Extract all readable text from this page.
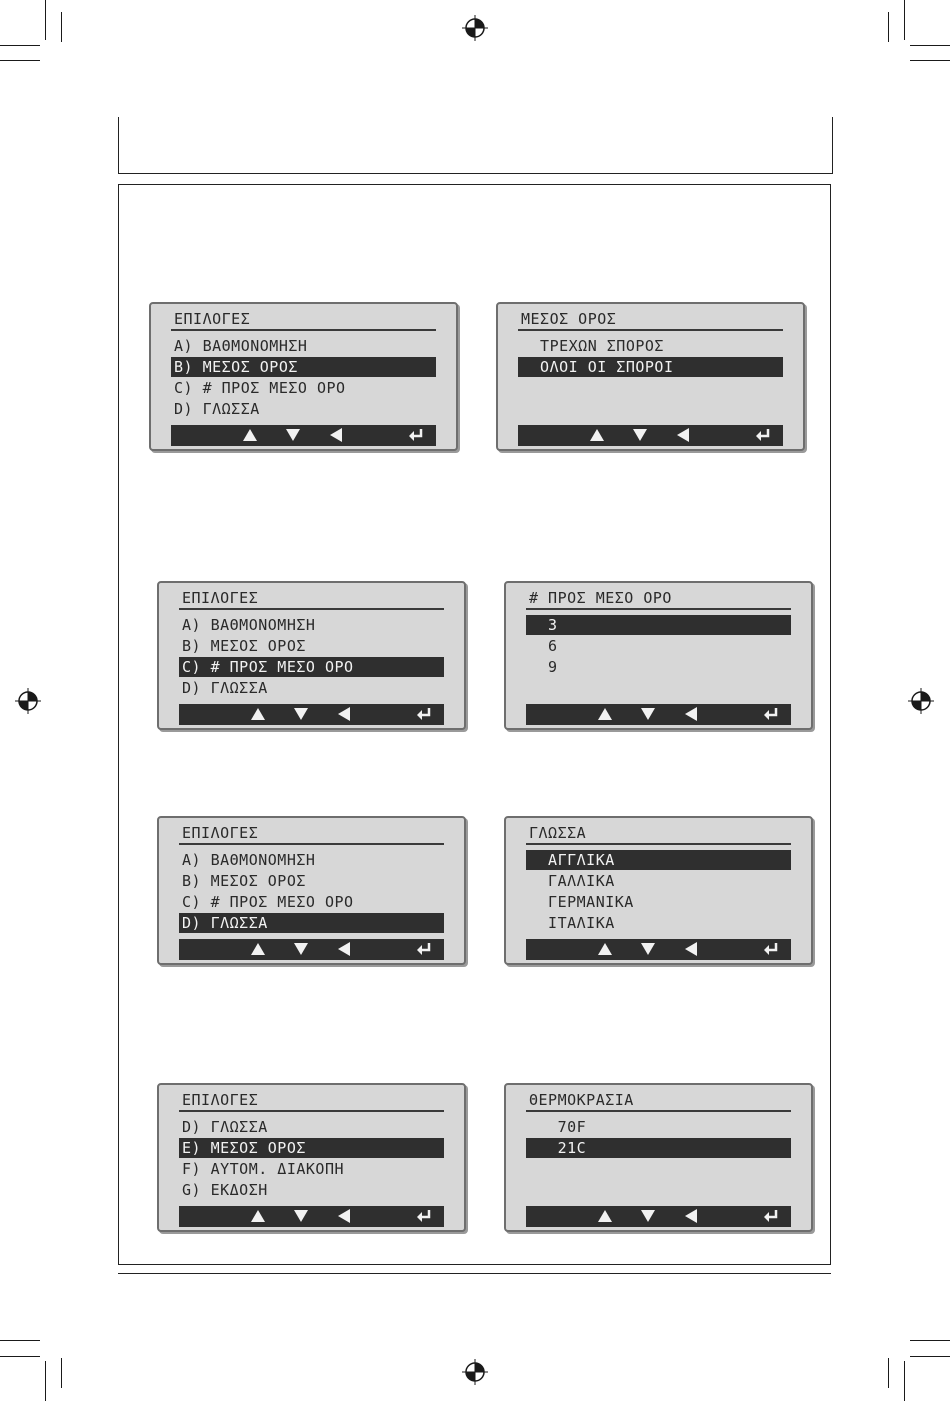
ΕΠΙΛΟΓΕΣ
A) ΒΑΘΜΟΝΟΜΗΣΗ
B) ΜΕΣΟΣ ΟΡΟΣ
C) # ΠΡΟΣ ΜΕΣΟ ΟΡΟ
D) ΓΛΩΣΣΑ
ΜΕΣΟΣ ΟΡΟΣ
ΤΡΕΧΩΝ ΣΠΟΡΟΣ
ΟΛΟΙ ΟΙ ΣΠΟΡΟΙ
ΕΠΙΛΟΓΕΣ
A) ΒΑΘΜΟΝΟΜΗΣΗ
B) ΜΕΣΟΣ ΟΡΟΣ
C) # ΠΡΟΣ ΜΕΣΟ ΟΡΟ
D) ΓΛΩΣΣΑ
# ΠΡΟΣ ΜΕΣΟ ΟΡΟ
3
6
9
ΕΠΙΛΟΓΕΣ
A) ΒΑΘΜΟΝΟΜΗΣΗ
B) ΜΕΣΟΣ ΟΡΟΣ
C) # ΠΡΟΣ ΜΕΣΟ ΟΡΟ
D) ΓΛΩΣΣΑ
ΓΛΩΣΣΑ
ΑΓΓΛΙΚΑ
ΓΑΛΛΙΚΑ
ΓΕΡΜΑΝΙΚΑ
ΙΤΑΛΙΚΑ
ΕΠΙΛΟΓΕΣ
D) ΓΛΩΣΣΑ
E) ΜΕΣΟΣ ΟΡΟΣ
F) ΑΥΤΟΜ. ΔΙΑΚΟΠΗ
G) ΕΚΔΟΣΗ
ΘΕΡΜΟΚΡΑΣΙΑ
70F
21C
